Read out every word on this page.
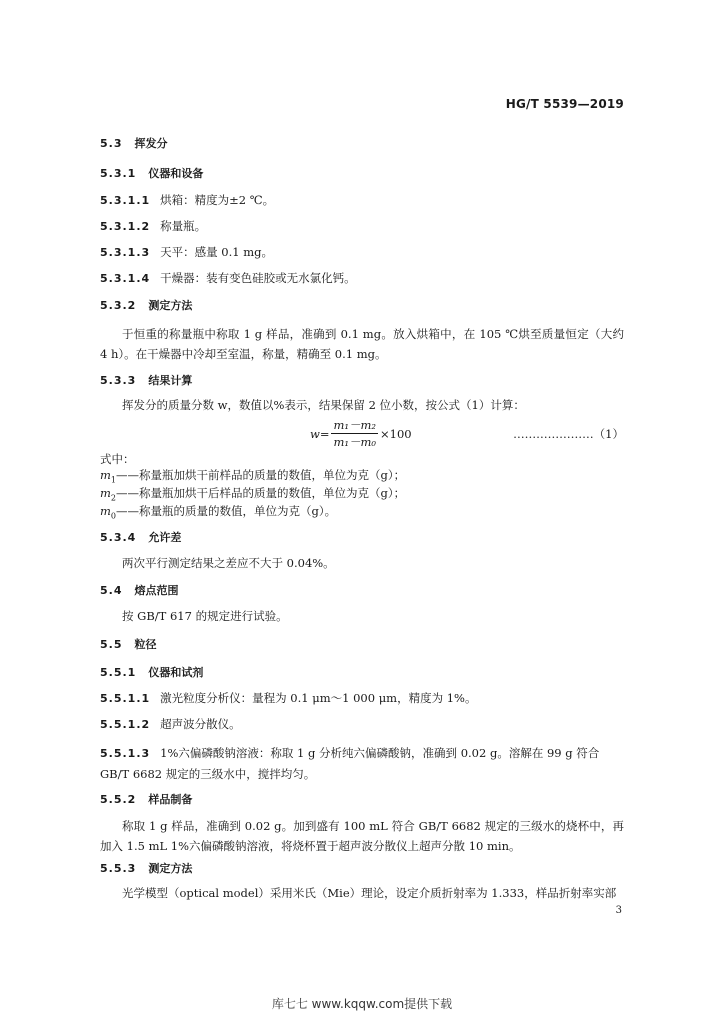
HG/T 5539—2019
5.3 挥发分
5.3.1 仪器和设备
5.3.1.1 烘箱：精度为±2 ℃。
5.3.1.2 称量瓶。
5.3.1.3 天平：感量 0.1 mg。
5.3.1.4 干燥器：装有变色硅胶或无水氯化钙。
5.3.2 测定方法
于恒重的称量瓶中称取 1 g 样品，准确到 0.1 mg。放入烘箱中，在 105 ℃烘至质量恒定（大约 4 h）。在干燥器中冷却至室温，称量，精确至 0.1 mg。
5.3.3 结果计算
挥发分的质量分数 w，数值以%表示，结果保留 2 位小数，按公式（1）计算：
$w= \frac{\text{m₁－m₂}}{\text{m₁－m₀}} \times 100$	…………………（1）
式中：
$m_1——$称量瓶加烘干前样品的质量的数值，单位为克（g）；
$m_2——$称量瓶加烘干后样品的质量的数值，单位为克（g）；
$m_0——$称量瓶的质量的数值，单位为克（g）。
5.3.4 允许差
两次平行测定结果之差应不大于 0.04%。
5.4 熔点范围
按 GB/T 617 的规定进行试验。
5.5 粒径
5.5.1 仪器和试剂
5.5.1.1 激光粒度分析仪：量程为 0.1 μm～1 000 μm，精度为 1%。
5.5.1.2 超声波分散仪。
5.5.1.3 1%六偏磷酸钠溶液：称取 1 g 分析纯六偏磷酸钠，准确到 0.02 g。溶解在 99 g 符合 GB/T 6682 规定的三级水中，搅拌均匀。
5.5.2 样品制备
称取 1 g 样品，准确到 0.02 g。加到盛有 100 mL 符合 GB/T 6682 规定的三级水的烧杯中，再加入 1.5 mL 1%六偏磷酸钠溶液，将烧杯置于超声波分散仪上超声分散 10 min。
5.5.3 测定方法
光学模型（optical model）采用米氏（Mie）理论，设定介质折射率为 1.333，样品折射率实部
3
库七七 www.kqqw.com提供下载
